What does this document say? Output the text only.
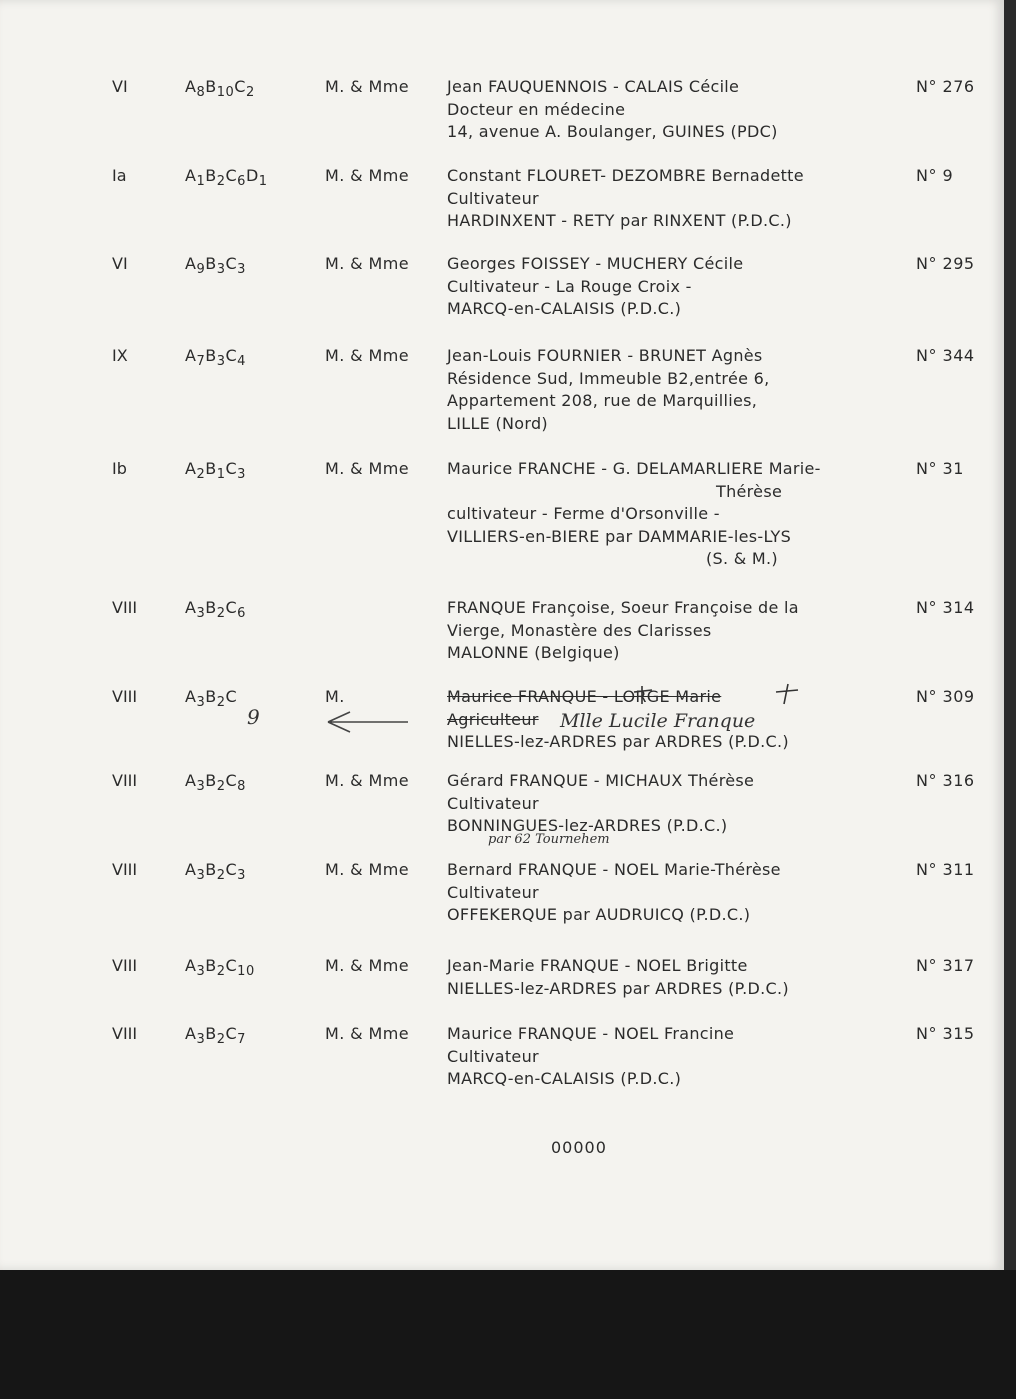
VI	$A_8B_{10}C_2$	M. & Mme Jean FAUQUENNOIS - CALAIS Cécile
Docteur en médecine
14, avenue A. Boulanger, GUINES (PDC)
N° 276
Ia	$A_1B_2C_6D_1$	M. & Mme Constant FLOURET- DEZOMBRE Bernadette
Cultivateur
HARDINXENT - RETY par RINXENT (P.D.C.)
N° 9
VI	$A_9B_3C_3$	M. & Mme Georges FOISSEY - MUCHERY Cécile
Cultivateur - La Rouge Croix -
MARCQ-en-CALAISIS (P.D.C.)
N° 295
IX	$A_7B_3C_4$	M. & Mme Jean-Louis FOURNIER - BRUNET Agnès
Résidence Sud, Immeuble B2,entrée 6,
Appartement 208, rue de Marquillies,
LILLE (Nord)
N° 344
Ib	$A_2B_1C_3$	M. & Mme Maurice FRANCHE - G. DELAMARLIERE Marie-
Thérèse
cultivateur - Ferme d'Orsonville -
VILLIERS-en-BIERE par DAMMARIE-les-LYS
(S. & M.)
N° 31
VIII	$A_3B_2C_6$	FRANQUE Françoise, Soeur Françoise de la
Vierge, Monastère des Clarisses
MALONNE (Belgique)
N° 314
VIII	$A_3B_2C$	M.	Maurice FRANQUE - LORGE Marie
Agriculteur
NIELLES-lez-ARDRES par ARDRES (P.D.C.)
N° 309
VIII	$A_3B_2C_8$	M. & Mme Gérard FRANQUE - MICHAUX Thérèse
Cultivateur
BONNINGUES-lez-ARDRES (P.D.C.)
N° 316
VIII	$A_3B_2C_3$	M. & Mme Bernard FRANQUE - NOEL Marie-Thérèse
Cultivateur
OFFEKERQUE par AUDRUICQ (P.D.C.)
N° 311
VIII	$A_3B_2C_{10}$	M. & Mme Jean-Marie FRANQUE - NOEL Brigitte
NIELLES-lez-ARDRES par ARDRES (P.D.C.)
N° 317
VIII	$A_3B_2C_7$	M. & Mme Maurice FRANQUE - NOEL Francine
Cultivateur
MARCQ-en-CALAISIS (P.D.C.)
N° 315
9	Mlle Lucile Franque
par 62 Tournehem
00000
